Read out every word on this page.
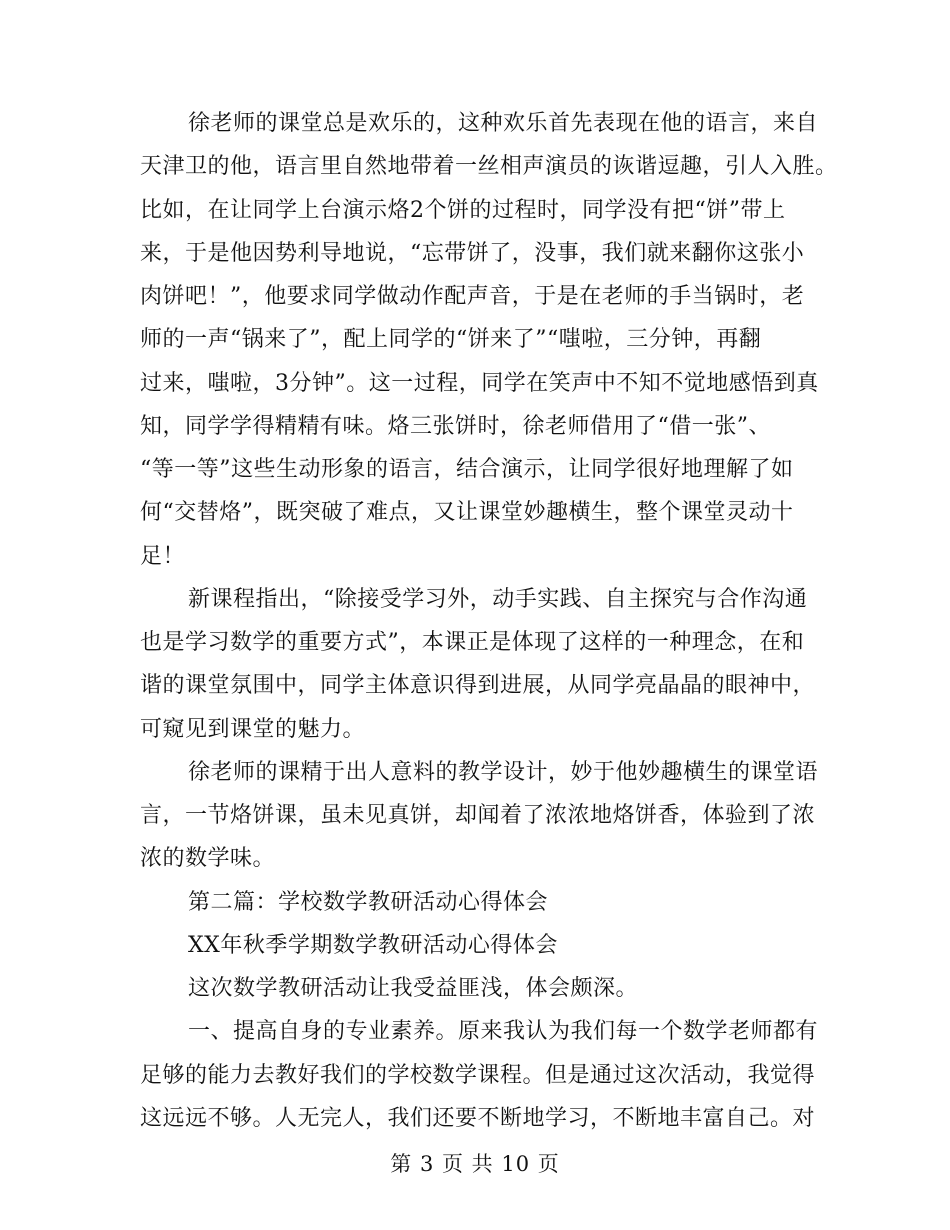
徐老师的课堂总是欢乐的，这种欢乐首先表现在他的语言，来自
天津卫的他，语言里自然地带着一丝相声演员的诙谐逗趣，引人入胜。
比如，在让同学上台演示烙2个饼的过程时，同学没有把“饼”带上
来，于是他因势利导地说，“忘带饼了，没事，我们就来翻你这张小
肉饼吧！”，他要求同学做动作配声音，于是在老师的手当锅时，老
师的一声“锅来了”，配上同学的“饼来了”“嗤啦，三分钟，再翻
过来，嗤啦，3分钟”。这一过程，同学在笑声中不知不觉地感悟到真
知，同学学得精精有味。烙三张饼时，徐老师借用了“借一张”、
“等一等”这些生动形象的语言，结合演示，让同学很好地理解了如
何“交替烙”，既突破了难点，又让课堂妙趣横生，整个课堂灵动十
足！
新课程指出，“除接受学习外，动手实践、自主探究与合作沟通
也是学习数学的重要方式”，本课正是体现了这样的一种理念，在和
谐的课堂氛围中，同学主体意识得到进展，从同学亮晶晶的眼神中，
可窥见到课堂的魅力。
徐老师的课精于出人意料的教学设计，妙于他妙趣横生的课堂语
言，一节烙饼课，虽未见真饼，却闻着了浓浓地烙饼香，体验到了浓
浓的数学味。
第二篇：学校数学教研活动心得体会
XX年秋季学期数学教研活动心得体会
这次数学教研活动让我受益匪浅，体会颇深。
一、提高自身的专业素养。原来我认为我们每一个数学老师都有
足够的能力去教好我们的学校数学课程。但是通过这次活动，我觉得
这远远不够。人无完人，我们还要不断地学习，不断地丰富自己。对
第 3 页 共 10 页
